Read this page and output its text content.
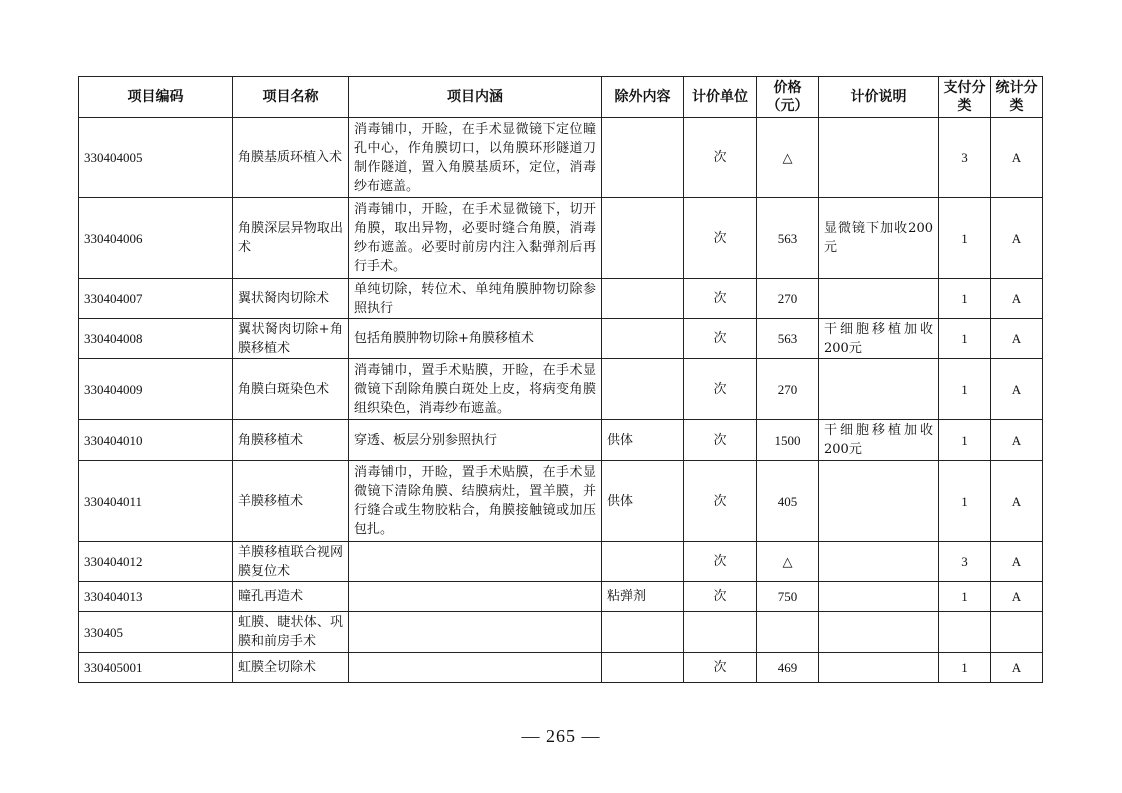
项目编码	项目名称	项目内涵	除外内容	计价单位	价格（元）	计价说明	支付分类	统计分类
330404005	角膜基质环植入术	消毒铺巾，开睑，在手术显微镜下定位瞳孔中心，作角膜切口，以角膜环形隧道刀制作隧道，置入角膜基质环，定位，消毒纱布遮盖。		次	△		3	A
330404006	角膜深层异物取出术	消毒铺巾，开睑，在手术显微镜下，切开角膜，取出异物，必要时缝合角膜，消毒纱布遮盖。必要时前房内注入黏弹剂后再行手术。		次	563	显微镜下加收200元	1	A
330404007	翼状胬肉切除术	单纯切除，转位术、单纯角膜肿物切除参照执行		次	270		1	A
330404008	翼状胬肉切除+角膜移植术	包括角膜肿物切除+角膜移植术		次	563	干细胞移植加收200元	1	A
330404009	角膜白斑染色术	消毒铺巾，置手术贴膜，开睑，在手术显微镜下刮除角膜白斑处上皮，将病变角膜组织染色，消毒纱布遮盖。		次	270		1	A
330404010	角膜移植术	穿透、板层分别参照执行	供体	次	1500	干细胞移植加收200元	1	A
330404011	羊膜移植术	消毒铺巾，开睑，置手术贴膜，在手术显微镜下清除角膜、结膜病灶，置羊膜，并行缝合或生物胶粘合，角膜接触镜或加压包扎。	供体	次	405		1	A
330404012	羊膜移植联合视网膜复位术			次	△		3	A
330404013	瞳孔再造术		粘弹剂	次	750		1	A
330405	虹膜、睫状体、巩膜和前房手术							
330405001	虹膜全切除术			次	469		1	A
— 265 —
